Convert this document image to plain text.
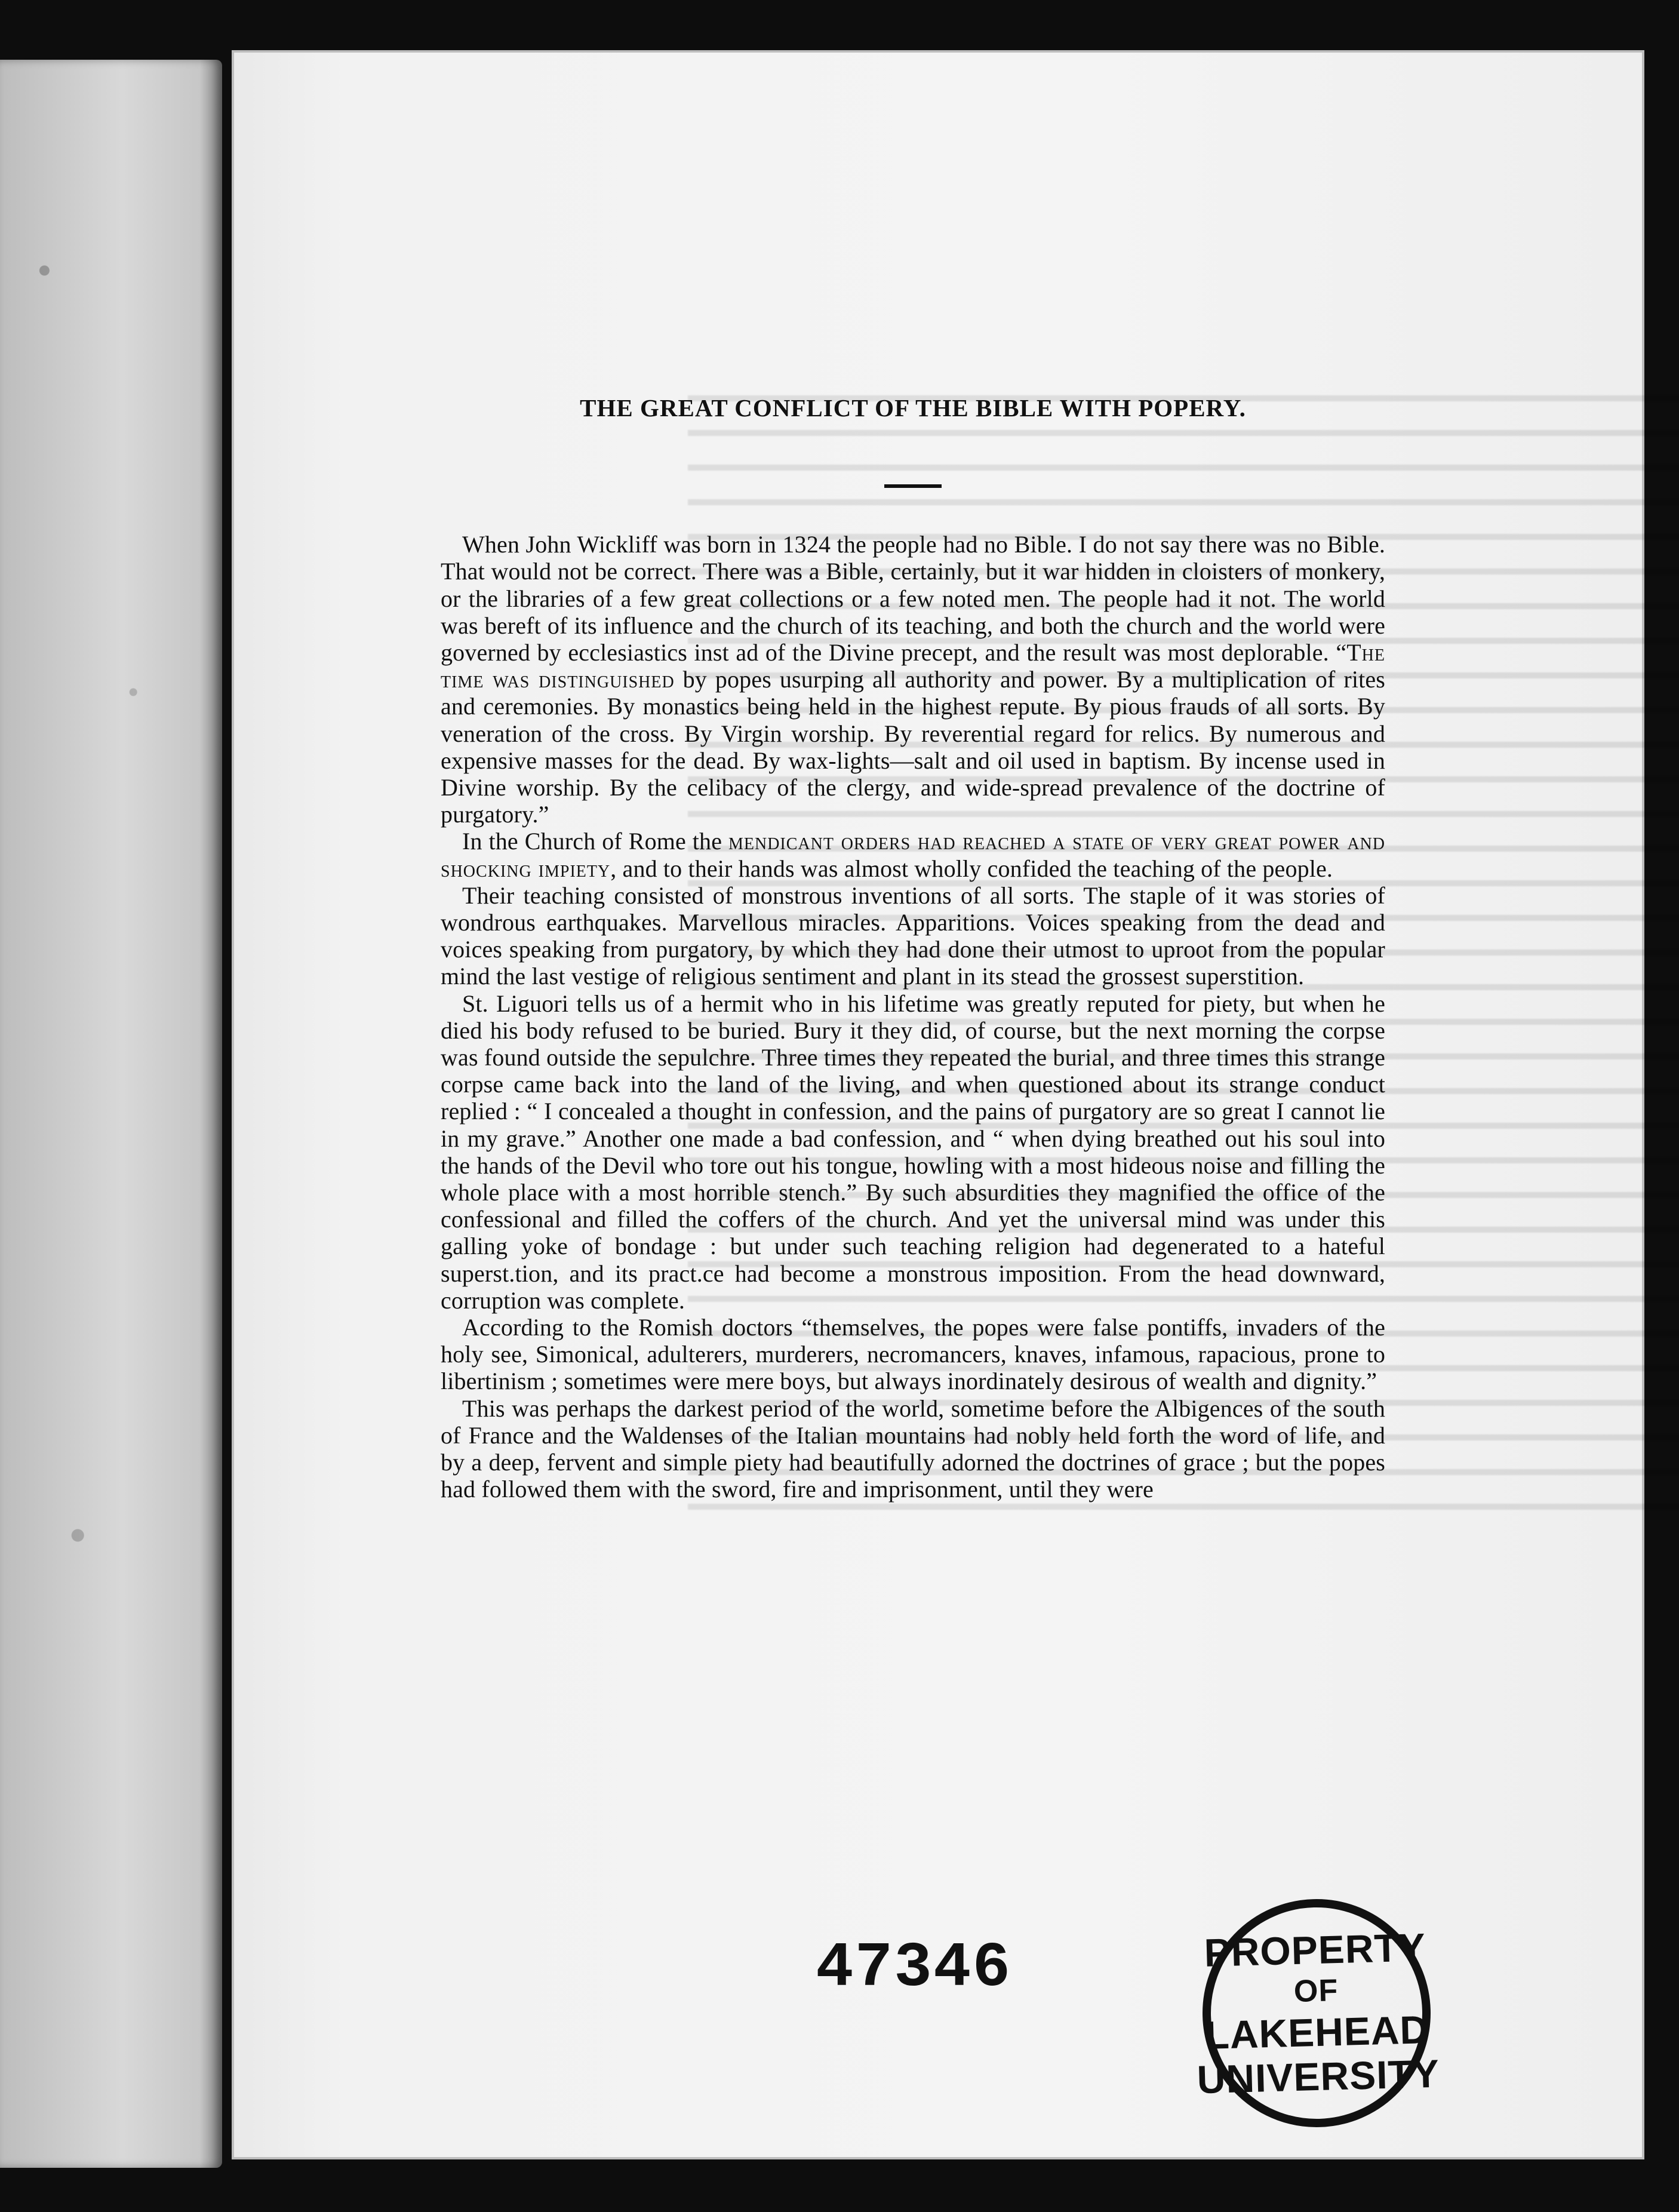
THE GREAT CONFLICT OF THE BIBLE WITH POPERY.

When John Wickliff was born in 1324 the people had no Bible. I do not say there was no Bible. That would not be correct. There was a Bible, certainly, but it war hidden in cloisters of monkery, or the libraries of a few great collections or a few noted men. The people had it not. The world was bereft of its influence and the church of its teaching, and both the church and the world were governed by ecclesiastics inst ad of the Divine precept, and the result was most deplorable. “The time was distinguished by popes usurping all authority and power. By a multiplication of rites and ceremonies. By monastics being held in the highest repute. By pious frauds of all sorts. By veneration of the cross. By Virgin worship. By reverential regard for relics. By numerous and expensive masses for the dead. By wax-lights—salt and oil used in baptism. By incense used in Divine worship. By the celibacy of the clergy, and wide-spread prevalence of the doctrine of purgatory.”

In the Church of Rome the mendicant orders had reached a state of very great power and shocking impiety, and to their hands was almost wholly confided the teaching of the people.

Their teaching consisted of monstrous inventions of all sorts. The staple of it was stories of wondrous earthquakes. Marvellous miracles. Apparitions. Voices speaking from the dead and voices speaking from purgatory, by which they had done their utmost to uproot from the popular mind the last vestige of religious sentiment and plant in its stead the grossest superstition.

St. Liguori tells us of a hermit who in his lifetime was greatly reputed for piety, but when he died his body refused to be buried. Bury it they did, of course, but the next morning the corpse was found outside the sepulchre. Three times they repeated the burial, and three times this strange corpse came back into the land of the living, and when questioned about its strange conduct replied : “ I concealed a thought in confession, and the pains of purgatory are so great I cannot lie in my grave.” Another one made a bad confession, and “ when dying breathed out his soul into the hands of the Devil who tore out his tongue, howling with a most hideous noise and filling the whole place with a most horrible stench.” By such absurdities they magnified the office of the confessional and filled the coffers of the church. And yet the universal mind was under this galling yoke of bondage : but under such teaching religion had degenerated to a hateful superst.tion, and its pract.ce had become a monstrous imposition. From the head downward, corruption was complete.

According to the Romish doctors “themselves, the popes were false pontiffs, invaders of the holy see, Simonical, adulterers, murderers, necromancers, knaves, infamous, rapacious, prone to libertinism ; sometimes were mere boys, but always inordinately desirous of wealth and dignity.”

This was perhaps the darkest period of the world, sometime before the Albigences of the south of France and the Waldenses of the Italian mountains had nobly held forth the word of life, and by a deep, fervent and simple piety had beautifully adorned the doctrines of grace ; but the popes had followed them with the sword, fire and imprisonment, until they were

47346	PROPERTY
OF
LAKEHEAD
UNIVERSITY
